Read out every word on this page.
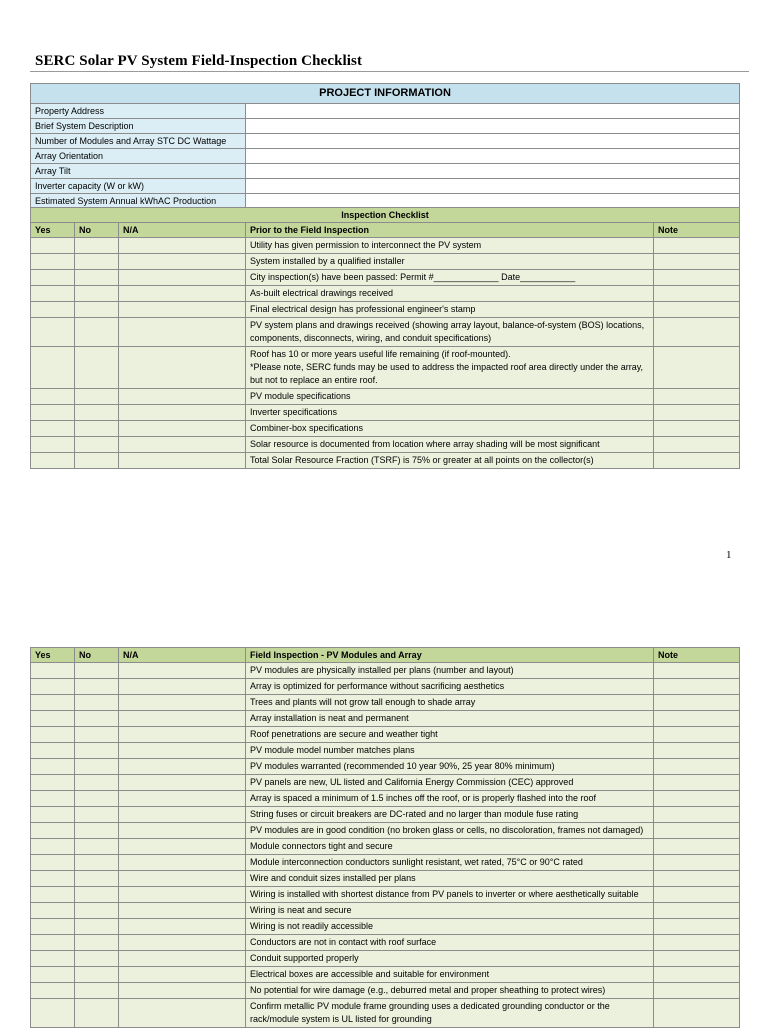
SERC Solar PV System Field-Inspection Checklist
PROJECT INFORMATION	
Property Address	
Brief System Description	
Number of Modules and Array STC DC Wattage	
Array Orientation	
Array Tilt	
Inverter capacity (W or kW)	
Estimated System Annual kWhAC Production	
Inspection Checklist				
Yes	No	N/A	Prior to the Field Inspection	Note
			Utility has given permission to interconnect the PV system	
			System installed by a qualified installer	
			City inspection(s) have been passed: Permit #_____________ Date___________	
			As-built electrical drawings received	
			Final electrical design has professional engineer's stamp	
			PV system plans and drawings received (showing array layout, balance-of-system (BOS) locations, components, disconnects, wiring, and conduit specifications)	
			Roof has 10 or more years useful life remaining (if roof-mounted).
*Please note, SERC funds may be used to address the impacted roof area directly under the array, but not to replace an entire roof.	
			PV module specifications	
			Inverter specifications	
			Combiner-box specifications	
			Solar resource is documented from location where array shading will be most significant	
			Total Solar Resource Fraction (TSRF) is 75% or greater at all points on the collector(s)	
1
Yes	No	N/A	Field Inspection - PV Modules and Array	Note
			PV modules are physically installed per plans (number and layout)	
			Array is optimized for performance without sacrificing aesthetics	
			Trees and plants will not grow tall enough to shade array	
			Array installation is neat and permanent	
			Roof penetrations are secure and weather tight	
			PV module model number matches plans	
			PV modules warranted (recommended 10 year 90%, 25 year 80% minimum)	
			PV panels are new, UL listed and California Energy Commission (CEC) approved	
			Array is spaced a minimum of 1.5 inches off the roof, or is properly flashed into the roof	
			String fuses or circuit breakers are DC-rated and no larger than module fuse rating	
			PV modules are in good condition (no broken glass or cells, no discoloration, frames not damaged)	
			Module connectors tight and secure	
			Module interconnection conductors sunlight resistant, wet rated, 75°C or 90°C rated	
			Wire and conduit sizes installed per plans	
			Wiring is installed with shortest distance from PV panels to inverter or where aesthetically suitable	
			Wiring is neat and secure	
			Wiring is not readily accessible	
			Conductors are not in contact with roof surface	
			Conduit supported properly	
			Electrical boxes are accessible and suitable for environment	
			No potential for wire damage (e.g., deburred metal and proper sheathing to protect wires)	
			Confirm metallic PV module frame grounding uses a dedicated grounding conductor or the rack/module system is UL listed for grounding	
